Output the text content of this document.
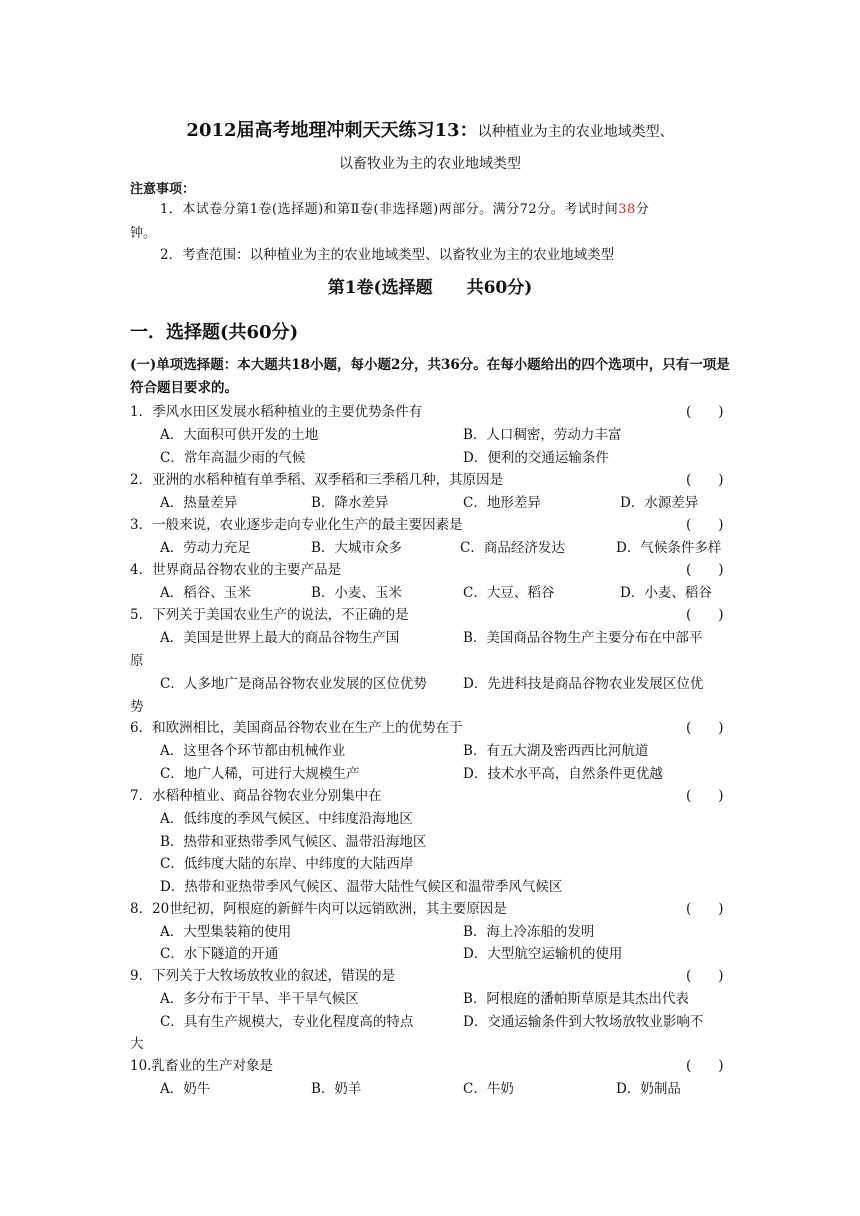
2012届高考地理冲刺天天练习13：以种植业为主的农业地域类型、
以畜牧业为主的农业地域类型
注意事项：
1．本试卷分第1卷(选择题)和第Ⅱ卷(非选择题)两部分。满分72分。考试时间38分
钟。
2．考查范围：以种植业为主的农业地域类型、以畜牧业为主的农业地域类型
第1卷(选择题　　共60分)
一．选择题(共60分)
(一)单项选择题：本大题共18小题，每小题2分，共36分。在每小题给出的四个选项中，只有一项是符合题目要求的。
1．季风水田区发展水稻种植业的主要优势条件有	(　　)
A．大面积可供开发的土地	B．人口稠密，劳动力丰富
C．常年高温少雨的气候	D．便利的交通运输条件
2．亚洲的水稻种植有单季稻、双季稻和三季稻几种，其原因是	(　　)
A．热量差异	B．降水差异	C．地形差异	D．水源差异
3．一般来说，农业逐步走向专业化生产的最主要因素是	(　　)
A．劳动力充足	B．大城市众多	C．商品经济发达	D．气候条件多样
4．世界商品谷物农业的主要产品是	(　　)
A．稻谷、玉米	B．小麦、玉米	C．大豆、稻谷	D．小麦、稻谷
5．下列关于美国农业生产的说法，不正确的是	(　　)
A．美国是世界上最大的商品谷物生产国	B．美国商品谷物生产主要分布在中部平
原
C．人多地广是商品谷物农业发展的区位优势	D．先进科技是商品谷物农业发展区位优
势
6．和欧洲相比，美国商品谷物农业在生产上的优势在于	(　　)
A．这里各个环节都由机械作业	B．有五大湖及密西西比河航道
C．地广人稀，可进行大规模生产	D．技术水平高，自然条件更优越
7．水稻种植业、商品谷物农业分别集中在	(　　)
A．低纬度的季风气候区、中纬度沿海地区
B．热带和亚热带季风气候区、温带沿海地区
C．低纬度大陆的东岸、中纬度的大陆西岸
D．热带和亚热带季风气候区、温带大陆性气候区和温带季风气候区
8．20世纪初，阿根庭的新鲜牛肉可以远销欧洲，其主要原因是	(　　)
A．大型集装箱的使用	B．海上冷冻船的发明
C．水下隧道的开通	D．大型航空运输机的使用
9．下列关于大牧场放牧业的叙述，错误的是	(　　)
A．多分布于干旱、半干旱气候区	B．阿根庭的潘帕斯草原是其杰出代表
C．具有生产规模大，专业化程度高的特点	D．交通运输条件到大牧场放牧业影响不
大
10.乳畜业的生产对象是	(　　)
A．奶牛	B．奶羊	C．牛奶	D．奶制品
